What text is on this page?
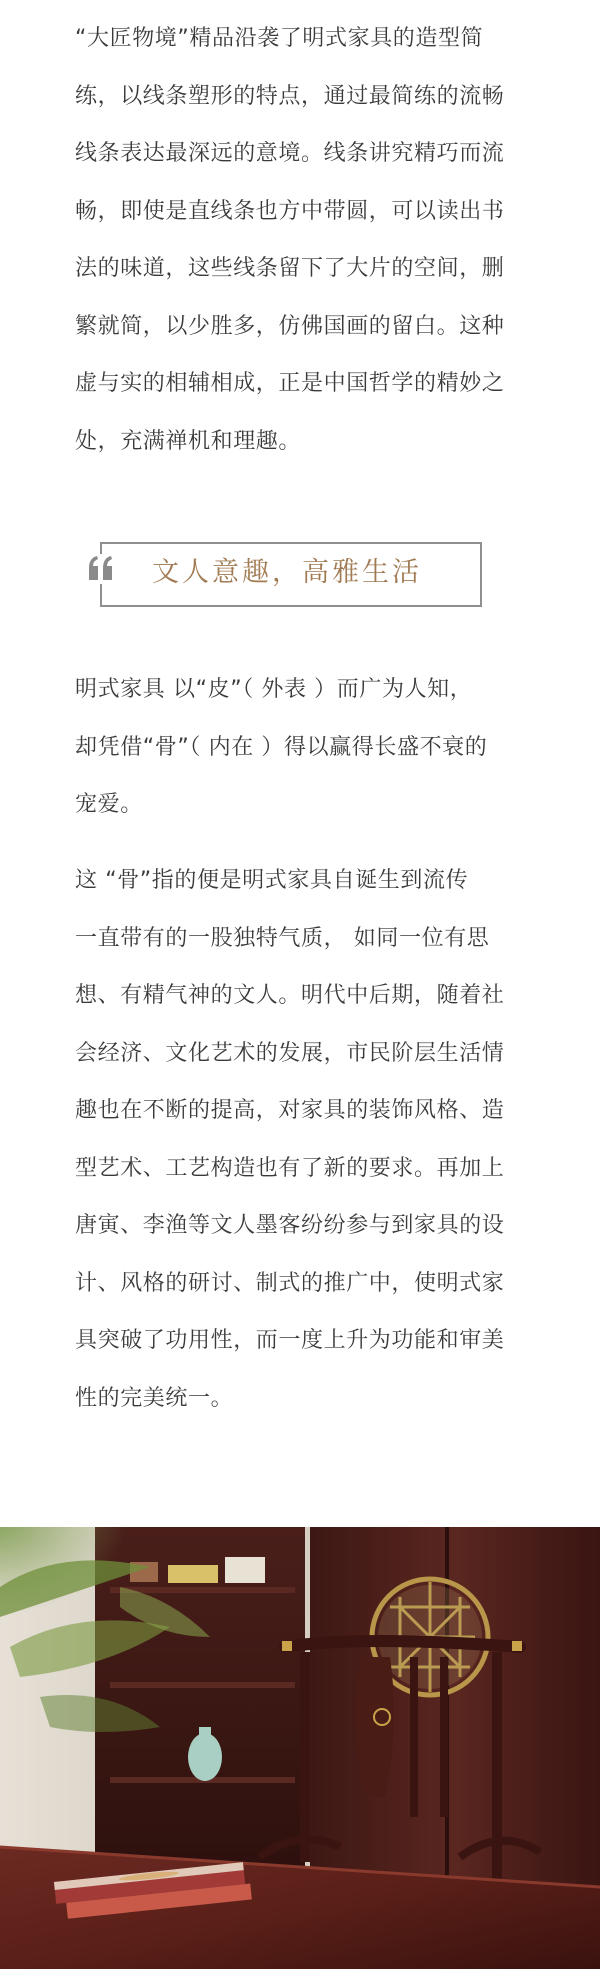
“大匠物境”精品沿袭了明式家具的造型简
练，以线条塑形的特点，通过最简练的流畅
线条表达最深远的意境。线条讲究精巧而流
畅，即使是直线条也方中带圆，可以读出书
法的味道，这些线条留下了大片的空间，删
繁就简，以少胜多，仿佛国画的留白。这种
虚与实的相辅相成，正是中国哲学的精妙之
处，充满禅机和理趣。
文人意趣，高雅生活
明式家具 以“皮”（ 外表 ）而广为人知，
却凭借“骨”（ 内在 ）得以赢得长盛不衰的
宠爱。
这 “骨”指的便是明式家具自诞生到流传
一直带有的一股独特气质， 如同一位有思
想、有精气神的文人。明代中后期，随着社
会经济、文化艺术的发展，市民阶层生活情
趣也在不断的提高，对家具的装饰风格、造
型艺术、工艺构造也有了新的要求。再加上
唐寅、李渔等文人墨客纷纷参与到家具的设
计、风格的研讨、制式的推广中，使明式家
具突破了功用性，而一度上升为功能和审美
性的完美统一。
